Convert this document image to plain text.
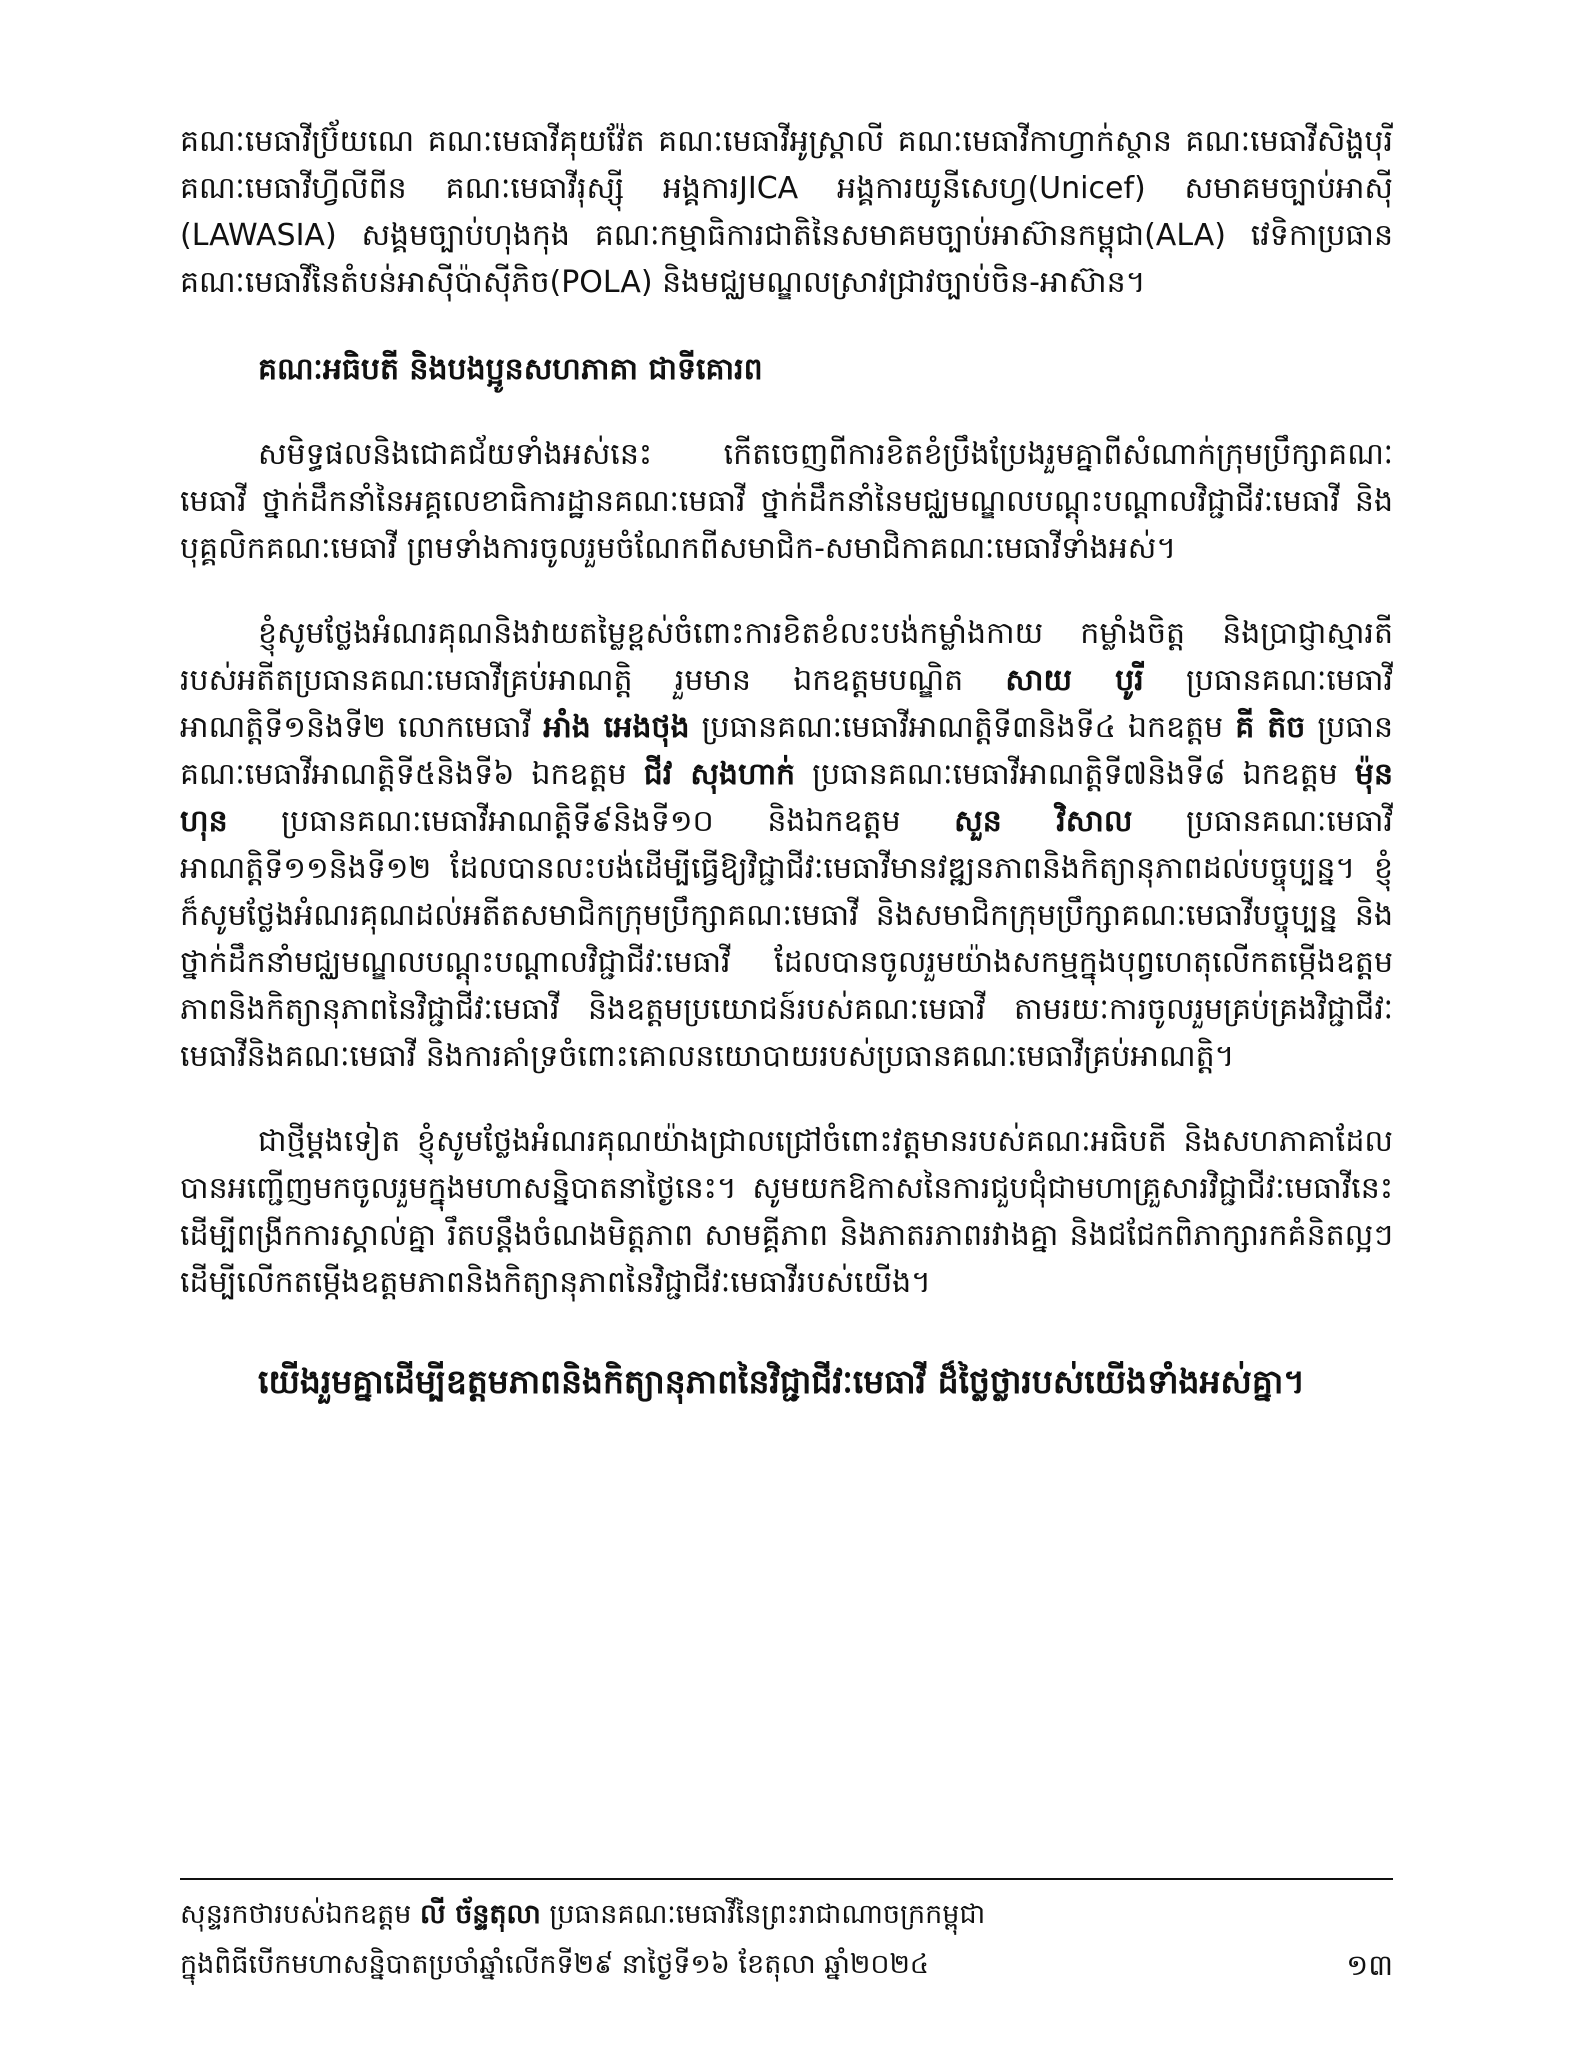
គណៈមេធាវីប៊្រ័យណេ គណៈមេធាវីគុយវ៉ែត គណៈមេធាវីអូស្ត្រាលី គណៈមេធាវីកាហ្វាក់ស្ថាន គណៈមេធាវីសិង្ហបុរី គណៈមេធាវីហ្វីលីពីន គណៈមេធាវីរុស្ស៊ី អង្គការJICA អង្គការយូនីសេហ្វ(Unicef) សមាគមច្បាប់អាស៊ី (LAWASIA) សង្គមច្បាប់ហុងកុង គណៈកម្មាធិការជាតិនៃសមាគមច្បាប់អាស៊ានកម្ពុជា(ALA) វេទិកាប្រធានគណៈមេធាវីនៃតំបន់អាស៊ីប៉ាស៊ីភិច(POLA) និងមជ្ឈមណ្ឌលស្រាវជ្រាវច្បាប់ចិន-អាស៊ាន។

គណៈអធិបតី និងបងប្អូនសហភាគា ជាទីគោរព

សមិទ្ធផលនិងជោគជ័យទាំងអស់នេះ កើតចេញពីការខិតខំប្រឹងប្រែងរួមគ្នាពីសំណាក់ក្រុមប្រឹក្សាគណៈមេធាវី ថ្នាក់ដឹកនាំនៃអគ្គលេខាធិការដ្ឋានគណៈមេធាវី ថ្នាក់ដឹកនាំនៃមជ្ឈមណ្ឌលបណ្តុះបណ្តាលវិជ្ជាជីវៈមេធាវី និងបុគ្គលិកគណៈមេធាវី ព្រមទាំងការចូលរួមចំណែកពីសមាជិក-សមាជិកាគណៈមេធាវីទាំងអស់។

ខ្ញុំសូមថ្លែងអំណរគុណនិងវាយតម្លៃខ្ពស់ចំពោះការខិតខំលះបង់កម្លាំងកាយ កម្លាំងចិត្ត និងប្រាជ្ញាស្មារតីរបស់អតីតប្រធានគណៈមេធាវីគ្រប់អាណត្តិ រួមមាន ឯកឧត្តមបណ្ឌិត សាយ បូរី ប្រធានគណៈមេធាវីអាណត្តិទី១និងទី២ លោកមេធាវី អាំង អេងថុង ប្រធានគណៈមេធាវីអាណត្តិទី៣និងទី៤ ឯកឧត្តម គី តិច ប្រធានគណៈមេធាវីអាណត្តិទី៥និងទី៦ ឯកឧត្តម ជីវ សុងហាក់ ប្រធានគណៈមេធាវីអាណត្តិទី៧និងទី៨ ឯកឧត្តម ម៉ុន ហុន ប្រធានគណៈមេធាវីអាណត្តិទី៩និងទី១០ និងឯកឧត្តម សួន វិសាល ប្រធានគណៈមេធាវីអាណត្តិទី១១និងទី១២ ដែលបានលះបង់ដើម្បីធ្វើឱ្យវិជ្ជាជីវៈមេធាវីមានវឌ្ឍនភាពនិងកិត្យានុភាពដល់បច្ចុប្បន្ន។ ខ្ញុំក៏សូមថ្លែងអំណរគុណដល់អតីតសមាជិកក្រុមប្រឹក្សាគណៈមេធាវី និងសមាជិកក្រុមប្រឹក្សាគណៈមេធាវីបច្ចុប្បន្ន និងថ្នាក់ដឹកនាំមជ្ឈមណ្ឌលបណ្តុះបណ្តាលវិជ្ជាជីវៈមេធាវី ដែលបានចូលរួមយ៉ាងសកម្មក្នុងបុព្វហេតុលើកតម្កើងឧត្តមភាពនិងកិត្យានុភាពនៃវិជ្ជាជីវៈមេធាវី និងឧត្តមប្រយោជន៍របស់គណៈមេធាវី តាមរយៈការចូលរួមគ្រប់គ្រងវិជ្ជាជីវៈមេធាវីនិងគណៈមេធាវី និងការគាំទ្រចំពោះគោលនយោបាយរបស់ប្រធានគណៈមេធាវីគ្រប់អាណត្តិ។

ជាថ្មីម្តងទៀត ខ្ញុំសូមថ្លែងអំណរគុណយ៉ាងជ្រាលជ្រៅចំពោះវត្តមានរបស់គណៈអធិបតី និងសហភាគាដែលបានអញ្ជើញមកចូលរួមក្នុងមហាសន្និបាតនាថ្ងៃនេះ។ សូមយកឱកាសនៃការជួបជុំជាមហាគ្រួសារវិជ្ជាជីវៈមេធាវីនេះ ដើម្បីពង្រីកការស្គាល់គ្នា រឹតបន្តឹងចំណងមិត្តភាព សាមគ្គីភាព និងភាតរភាពរវាងគ្នា និងជជែកពិភាក្សារកគំនិតល្អៗដើម្បីលើកតម្កើងឧត្តមភាពនិងកិត្យានុភាពនៃវិជ្ជាជីវៈមេធាវីរបស់យើង។

យើងរួមគ្នាដើម្បីឧត្តមភាពនិងកិត្យានុភាពនៃវិជ្ជាជីវៈមេធាវី ដ៏ថ្លៃថ្លារបស់យើងទាំងអស់គ្នា។

សុន្ទរកថារបស់ឯកឧត្តម លី ច័ន្ទតុលា ប្រធានគណៈមេធាវីនៃព្រះរាជាណាចក្រកម្ពុជា
ក្នុងពិធីបើកមហាសន្និបាតប្រចាំឆ្នាំលើកទី២៩ នាថ្ងៃទី១៦ ខែតុលា ឆ្នាំ២០២៤	១៣
